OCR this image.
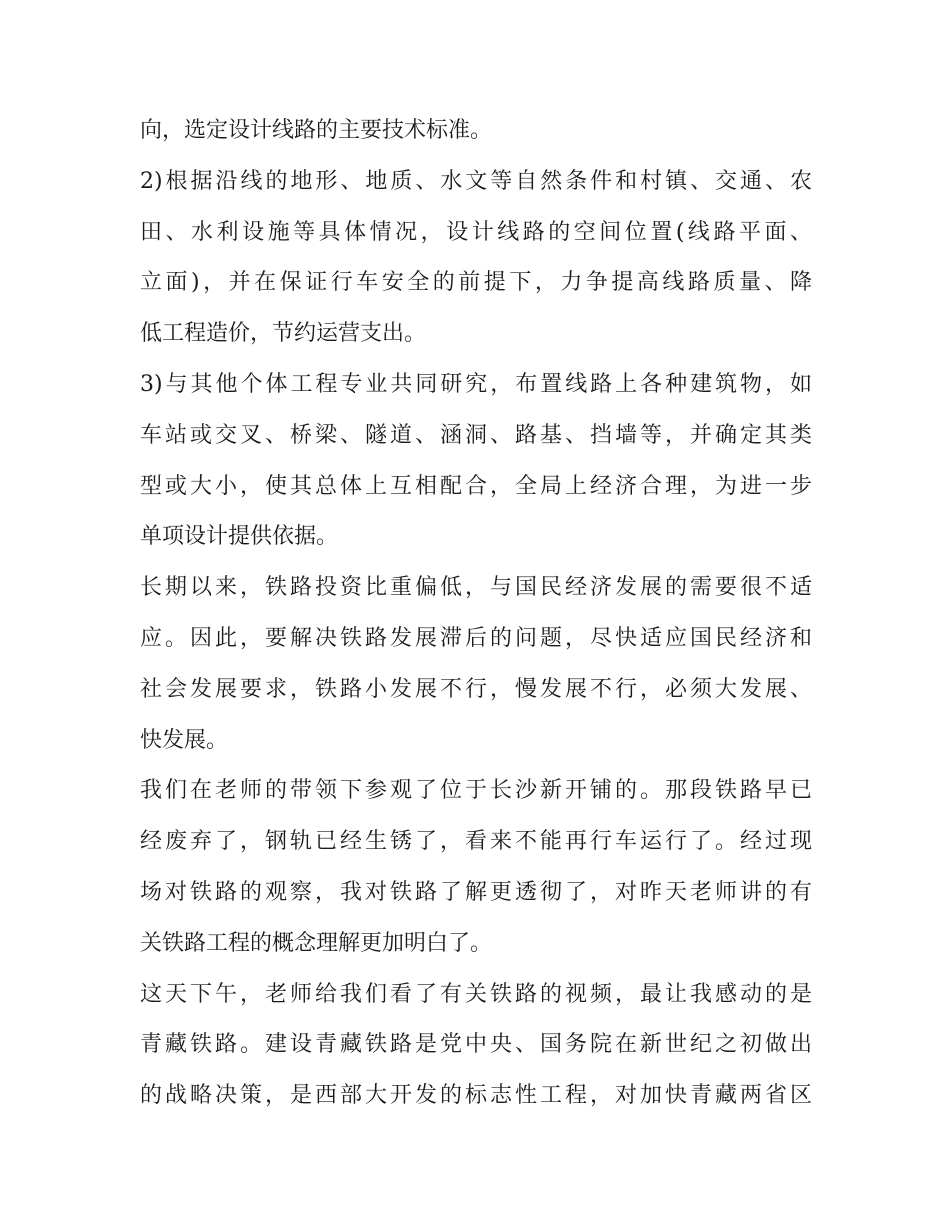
向，选定设计线路的主要技术标准。
2)根据沿线的地形、地质、水文等自然条件和村镇、交通、农
田、水利设施等具体情况，设计线路的空间位置(线路平面、
立面)，并在保证行车安全的前提下，力争提高线路质量、降
低工程造价，节约运营支出。
3)与其他个体工程专业共同研究，布置线路上各种建筑物，如
车站或交叉、桥梁、隧道、涵洞、路基、挡墙等，并确定其类
型或大小，使其总体上互相配合，全局上经济合理，为进一步
单项设计提供依据。
长期以来，铁路投资比重偏低，与国民经济发展的需要很不适
应。因此，要解决铁路发展滞后的问题，尽快适应国民经济和
社会发展要求，铁路小发展不行，慢发展不行，必须大发展、
快发展。
我们在老师的带领下参观了位于长沙新开铺的。那段铁路早已
经废弃了，钢轨已经生锈了，看来不能再行车运行了。经过现
场对铁路的观察，我对铁路了解更透彻了，对昨天老师讲的有
关铁路工程的概念理解更加明白了。
这天下午，老师给我们看了有关铁路的视频，最让我感动的是
青藏铁路。建设青藏铁路是党中央、国务院在新世纪之初做出
的战略决策，是西部大开发的标志性工程，对加快青藏两省区
